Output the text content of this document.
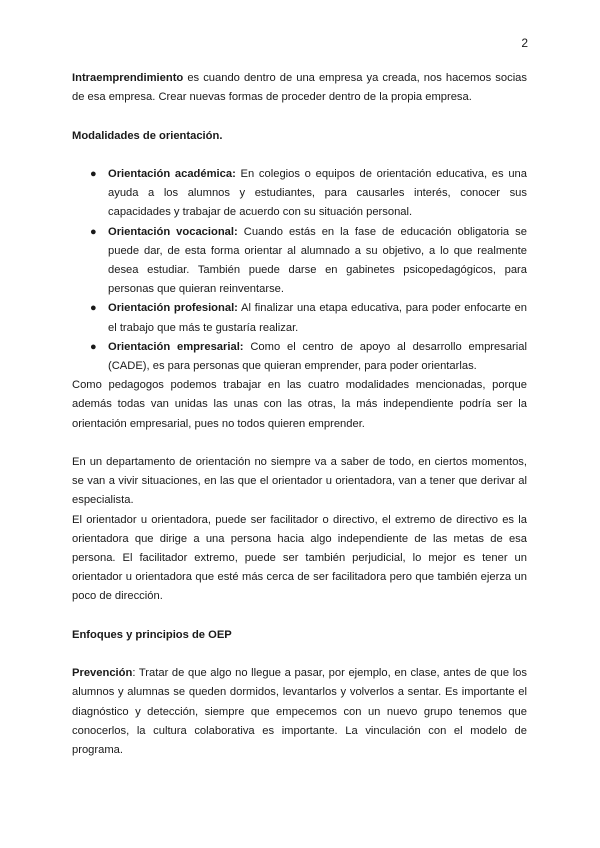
2

Intraemprendimiento es cuando dentro de una empresa ya creada, nos hacemos socias de esa empresa. Crear nuevas formas de proceder dentro de la propia empresa.

Modalidades de orientación.

● Orientación académica: En colegios o equipos de orientación educativa, es una ayuda a los alumnos y estudiantes, para causarles interés, conocer sus capacidades y trabajar de acuerdo con su situación personal.
● Orientación vocacional: Cuando estás en la fase de educación obligatoria se puede dar, de esta forma orientar al alumnado a su objetivo, a lo que realmente desea estudiar. También puede darse en gabinetes psicopedagógicos, para personas que quieran reinventarse.
● Orientación profesional: Al finalizar una etapa educativa, para poder enfocarte en el trabajo que más te gustaría realizar.
● Orientación empresarial: Como el centro de apoyo al desarrollo empresarial (CADE), es para personas que quieran emprender, para poder orientarlas.

Como pedagogos podemos trabajar en las cuatro modalidades mencionadas, porque además todas van unidas las unas con las otras, la más independiente podría ser la orientación empresarial, pues no todos quieren emprender.

En un departamento de orientación no siempre va a saber de todo, en ciertos momentos, se van a vivir situaciones, en las que el orientador u orientadora, van a tener que derivar al especialista.

El orientador u orientadora, puede ser facilitador o directivo, el extremo de directivo es la orientadora que dirige a una persona hacia algo independiente de las metas de esa persona. El facilitador extremo, puede ser también perjudicial, lo mejor es tener un orientador u orientadora que esté más cerca de ser facilitadora pero que también ejerza un poco de dirección.

Enfoques y principios de OEP

Prevención: Tratar de que algo no llegue a pasar, por ejemplo, en clase, antes de que los alumnos y alumnas se queden dormidos, levantarlos y volverlos a sentar. Es importante el diagnóstico y detección, siempre que empecemos con un nuevo grupo tenemos que conocerlos, la cultura colaborativa es importante. La vinculación con el modelo de programa.
